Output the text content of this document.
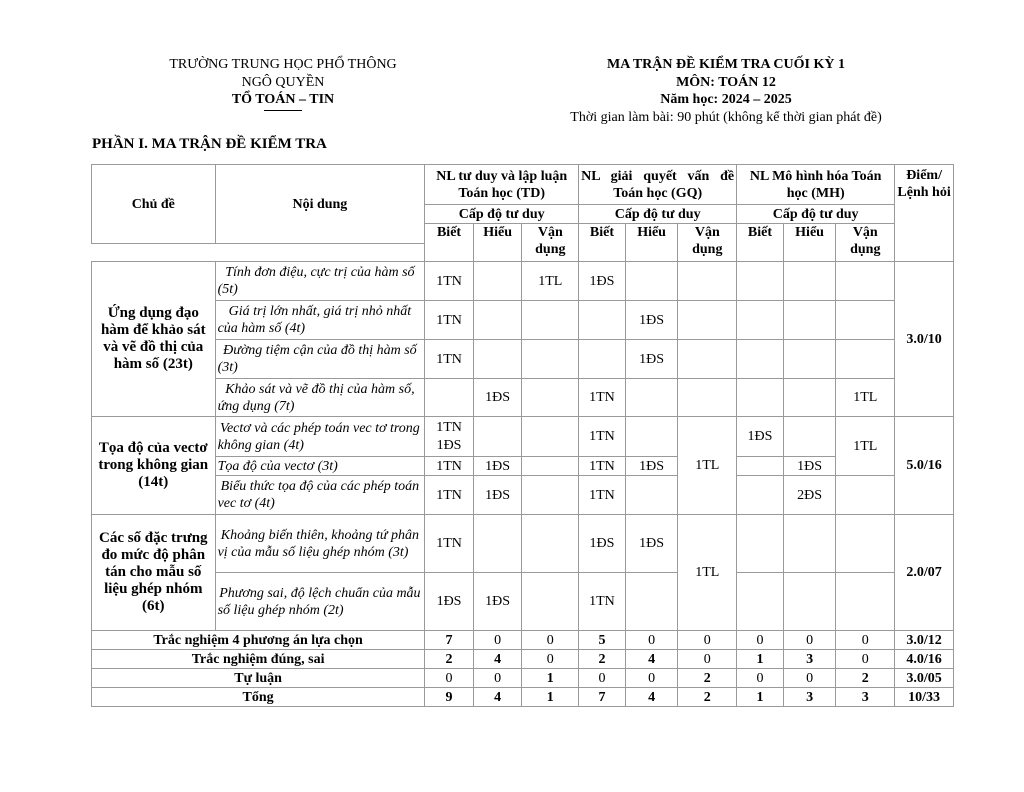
TRƯỜNG TRUNG HỌC PHỔ THÔNG
NGÔ QUYỀN
TỔ TOÁN – TIN
MA TRẬN ĐỀ KIỂM TRA CUỐI KỲ 1
MÔN: TOÁN 12
Năm học: 2024 – 2025
Thời gian làm bài: 90 phút (không kể thời gian phát đề)
PHẦN I. MA TRẬN ĐỀ KIỂM TRA
Chủ đề	Nội dung	NL tư duy và lập luận Toán học (TD)			NL giải quyết vấn đề Toán học (GQ)			NL Mô hình hóa Toán học (MH)			Điểm/ Lệnh hỏi
		Cấp độ tư duy			Cấp độ tư duy			Cấp độ tư duy			
		Biết	Hiểu	Vận dụng	Biết	Hiểu	Vận dụng	Biết	Hiểu	Vận dụng	

Ứng dụng đạo hàm để khảo sát và vẽ đồ thị của hàm số (23t)	Tính đơn điệu, cực trị của hàm số (5t)	1TN		1TL	1ĐS						3.0/10
	Giá trị lớn nhất, giá trị nhỏ nhất của hàm số (4t)	1TN				1ĐS					
	Đường tiệm cận của đồ thị hàm số (3t)	1TN				1ĐS					
	Khảo sát và vẽ đồ thị của hàm số, ứng dụng (7t)		1ĐS		1TN					1TL	
Tọa độ của vectơ trong không gian (14t)	Vectơ và các phép toán vec tơ trong không gian (4t)	1TN 1ĐS			1TN		1TL	1ĐS		1TL	5.0/16
	Tọa độ của vectơ (3t)	1TN	1ĐS		1TN	1ĐS			1ĐS		
	Biểu thức tọa độ của các phép toán vec tơ (4t)	1TN	1ĐS		1TN				2ĐS		
Các số đặc trưng đo mức độ phân tán cho mẫu số liệu ghép nhóm (6t)	Khoảng biến thiên, khoảng tứ phân vị của mẫu số liệu ghép nhóm (3t)	1TN			1ĐS	1ĐS	1TL				2.0/07
	Phương sai, độ lệch chuẩn của mẫu số liệu ghép nhóm (2t)	1ĐS	1ĐS		1TN						
Trắc nghiệm 4 phương án lựa chọn		7	0	0	5	0	0	0	0	0	3.0/12
Trắc nghiệm đúng, sai		2	4	0	2	4	0	1	3	0	4.0/16
Tự luận		0	0	1	0	0	2	0	0	2	3.0/05
Tổng		9	4	1	7	4	2	1	3	3	10/33
